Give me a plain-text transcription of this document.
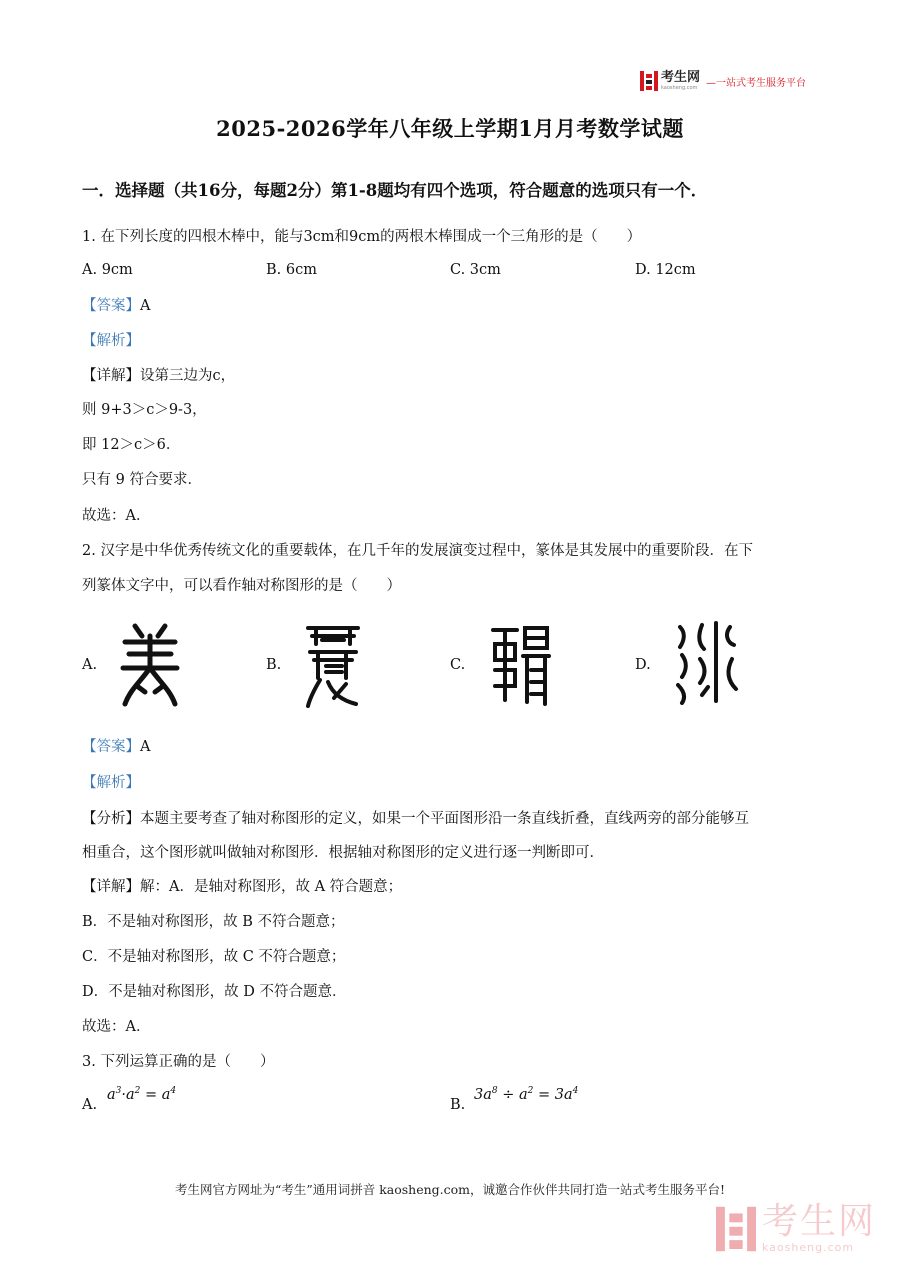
考生网
kaosheng.com —一站式考生服务平台
2025-2026学年八年级上学期1月月考数学试题
一．选择题（共16分，每题2分）第1-8题均有四个选项，符合题意的选项只有一个．
1. 在下列长度的四根木棒中，能与3cm和9cm的两根木棒围成一个三角形的是（　　）
A. 9cm	B. 6cm	C. 3cm	D. 12cm
【答案】A
【解析】
【详解】设第三边为c，
则 9+3＞c＞9-3，
即 12＞c＞6．
只有 9 符合要求．
故选：A．
2. 汉字是中华优秀传统文化的重要载体，在几千年的发展演变过程中，篆体是其发展中的重要阶段．在下
列篆体文字中，可以看作轴对称图形的是（　　）
A.	B.	C.	D.
【答案】A
【解析】
【分析】本题主要考查了轴对称图形的定义，如果一个平面图形沿一条直线折叠，直线两旁的部分能够互
相重合，这个图形就叫做轴对称图形．根据轴对称图形的定义进行逐一判断即可．
【详解】解：A．是轴对称图形，故 A 符合题意；
B．不是轴对称图形，故 B 不符合题意；
C．不是轴对称图形，故 C 不符合题意；
D．不是轴对称图形，故 D 不符合题意．
故选：A．
3. 下列运算正确的是（　　）
A.
$a^3\cdot a^2 = a^4$
B.
$3a^8 \div a^2 = 3a^4$
考生网官方网址为“考生”通用词拼音 kaosheng.com，诚邀合作伙伴共同打造一站式考生服务平台!
考生网
kaosheng.com
